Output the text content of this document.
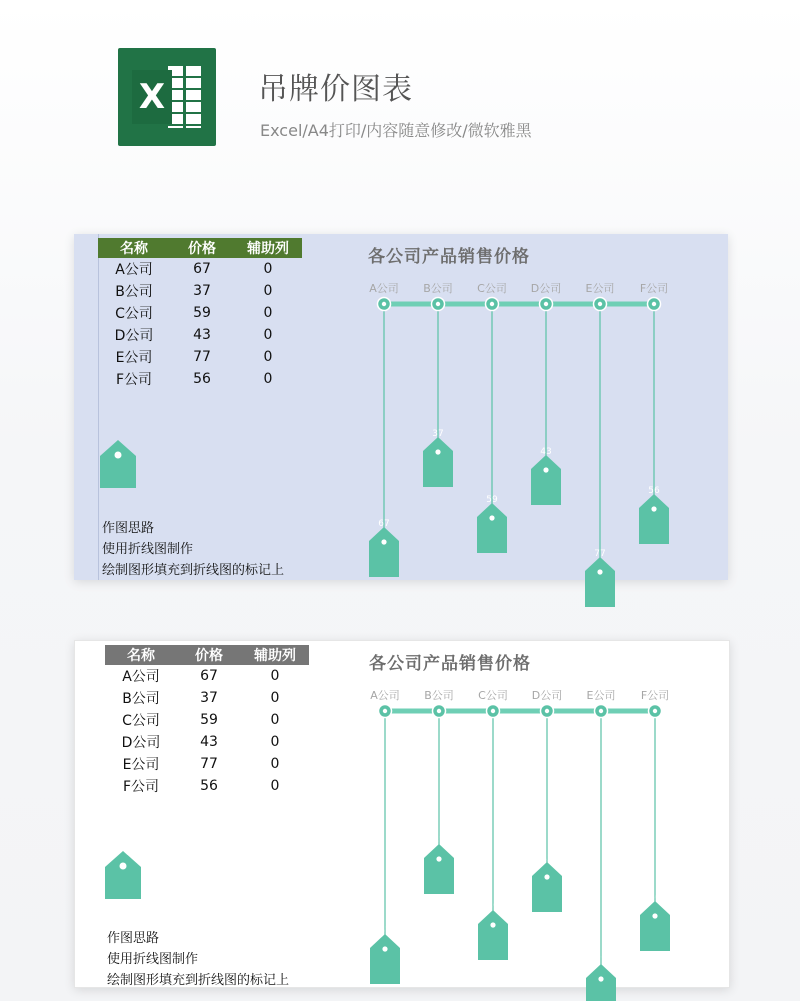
X	吊牌价图表
Excel/A4打印/内容随意修改/微软雅黑
名称	价格	辅助列
A公司	67	0
B公司	37	0
C公司	59	0
D公司	43	0
E公司	77	0
F公司	56	0
作图思路
使用折线图制作
绘制图形填充到折线图的标记上
各公司产品销售价格
A公司
67
B公司
37
C公司
59
D公司
43
E公司
77
F公司
56
名称	价格	辅助列
A公司	67	0
B公司	37	0
C公司	59	0
D公司	43	0
E公司	77	0
F公司	56	0
作图思路
使用折线图制作
绘制图形填充到折线图的标记上
各公司产品销售价格
A公司
67
B公司
37
C公司
59
D公司
43
E公司
77
F公司
56
